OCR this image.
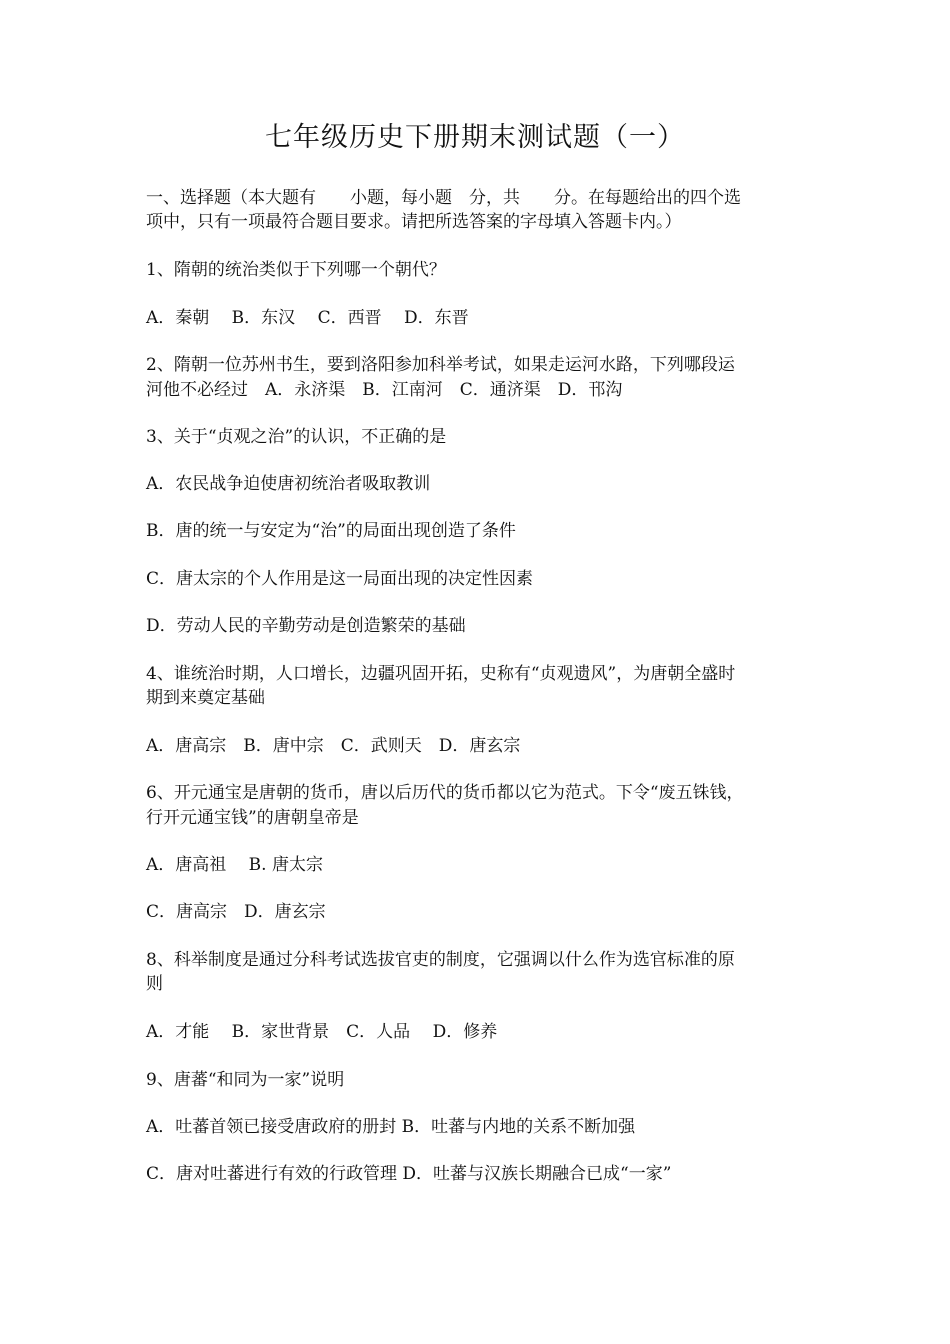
七年级历史下册期末测试题（一）
一、选择题（本大题有　　小题，每小题　分，共　　分。在每题给出的四个选
项中，只有一项最符合题目要求。请把所选答案的字母填入答题卡内。）
1、隋朝的统治类似于下列哪一个朝代？
A．秦朝　 B．东汉　 C．西晋　 D．东晋
2、隋朝一位苏州书生，要到洛阳参加科举考试，如果走运河水路，下列哪段运
河他不必经过　A．永济渠　B．江南河　C．通济渠　D．邗沟
3、关于“贞观之治”的认识，不正确的是
A．农民战争迫使唐初统治者吸取教训
B．唐的统一与安定为“治”的局面出现创造了条件
C．唐太宗的个人作用是这一局面出现的决定性因素
D．劳动人民的辛勤劳动是创造繁荣的基础
4、谁统治时期，人口增长，边疆巩固开拓，史称有“贞观遗风”，为唐朝全盛时
期到来奠定基础
A．唐高宗　B．唐中宗　C．武则天　D．唐玄宗
6、开元通宝是唐朝的货币，唐以后历代的货币都以它为范式。下令“废五铢钱，
行开元通宝钱”的唐朝皇帝是
A．唐高祖　 B. 唐太宗
C．唐高宗　D．唐玄宗
8、科举制度是通过分科考试选拔官吏的制度，它强调以什么作为选官标准的原
则
A．才能　 B．家世背景　C．人品　 D．修养
9、唐蕃“和同为一家”说明
A．吐蕃首领已接受唐政府的册封 B．吐蕃与内地的关系不断加强
C．唐对吐蕃进行有效的行政管理 D．吐蕃与汉族长期融合已成“一家”
